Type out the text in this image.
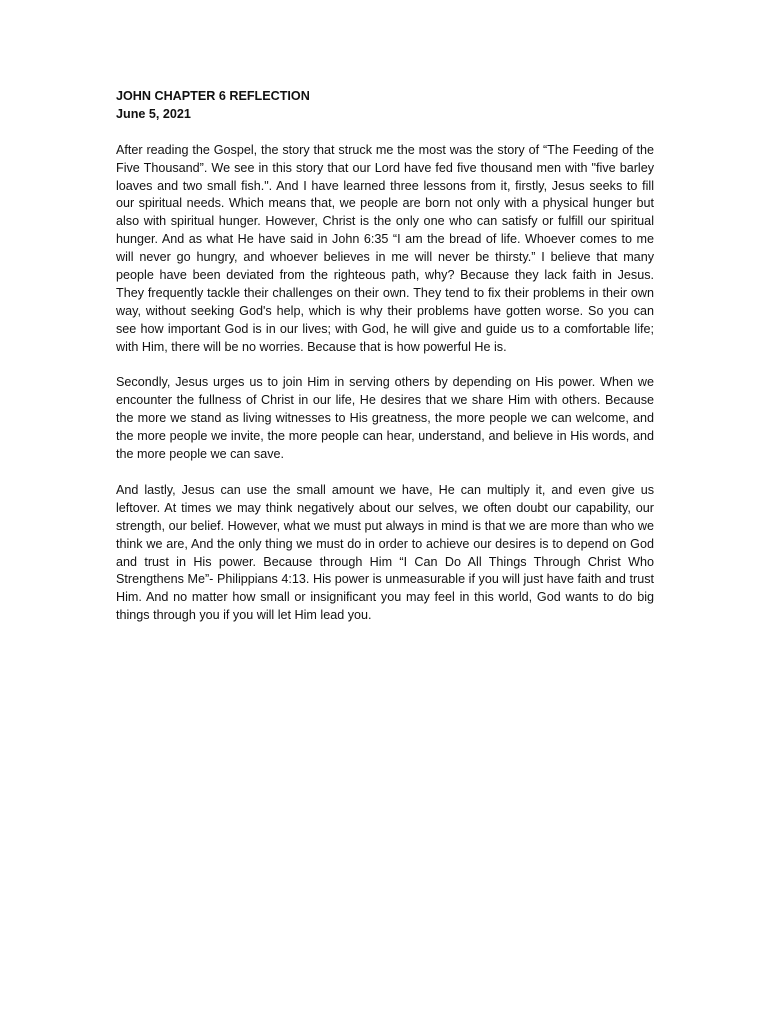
JOHN CHAPTER 6 REFLECTION
June 5, 2021

After reading the Gospel, the story that struck me the most was the story of “The Feeding of the Five Thousand”. We see in this story that our Lord have fed five thousand men with "five barley loaves and two small fish.". And I have learned three lessons from it, firstly, Jesus seeks to fill our spiritual needs. Which means that, we people are born not only with a physical hunger but also with spiritual hunger. However, Christ is the only one who can satisfy or fulfill our spiritual hunger. And as what He have said in John 6:35 “I am the bread of life. Whoever comes to me will never go hungry, and whoever believes in me will never be thirsty.” I believe that many people have been deviated from the righteous path, why? Because they lack faith in Jesus. They frequently tackle their challenges on their own. They tend to fix their problems in their own way, without seeking God's help, which is why their problems have gotten worse. So you can see how important God is in our lives; with God, he will give and guide us to a comfortable life; with Him, there will be no worries. Because that is how powerful He is.

Secondly, Jesus urges us to join Him in serving others by depending on His power. When we encounter the fullness of Christ in our life, He desires that we share Him with others. Because the more we stand as living witnesses to His greatness, the more people we can welcome, and the more people we invite, the more people can hear, understand, and believe in His words, and the more people we can save.

And lastly, Jesus can use the small amount we have, He can multiply it, and even give us leftover. At times we may think negatively about our selves, we often doubt our capability, our strength, our belief. However, what we must put always in mind is that we are more than who we think we are, And the only thing we must do in order to achieve our desires is to depend on God and trust in His power. Because through Him “I Can Do All Things Through Christ Who Strengthens Me”- Philippians 4:13. His power is unmeasurable if you will just have faith and trust Him. And no matter how small or insignificant you may feel in this world, God wants to do big things through you if you will let Him lead you.
